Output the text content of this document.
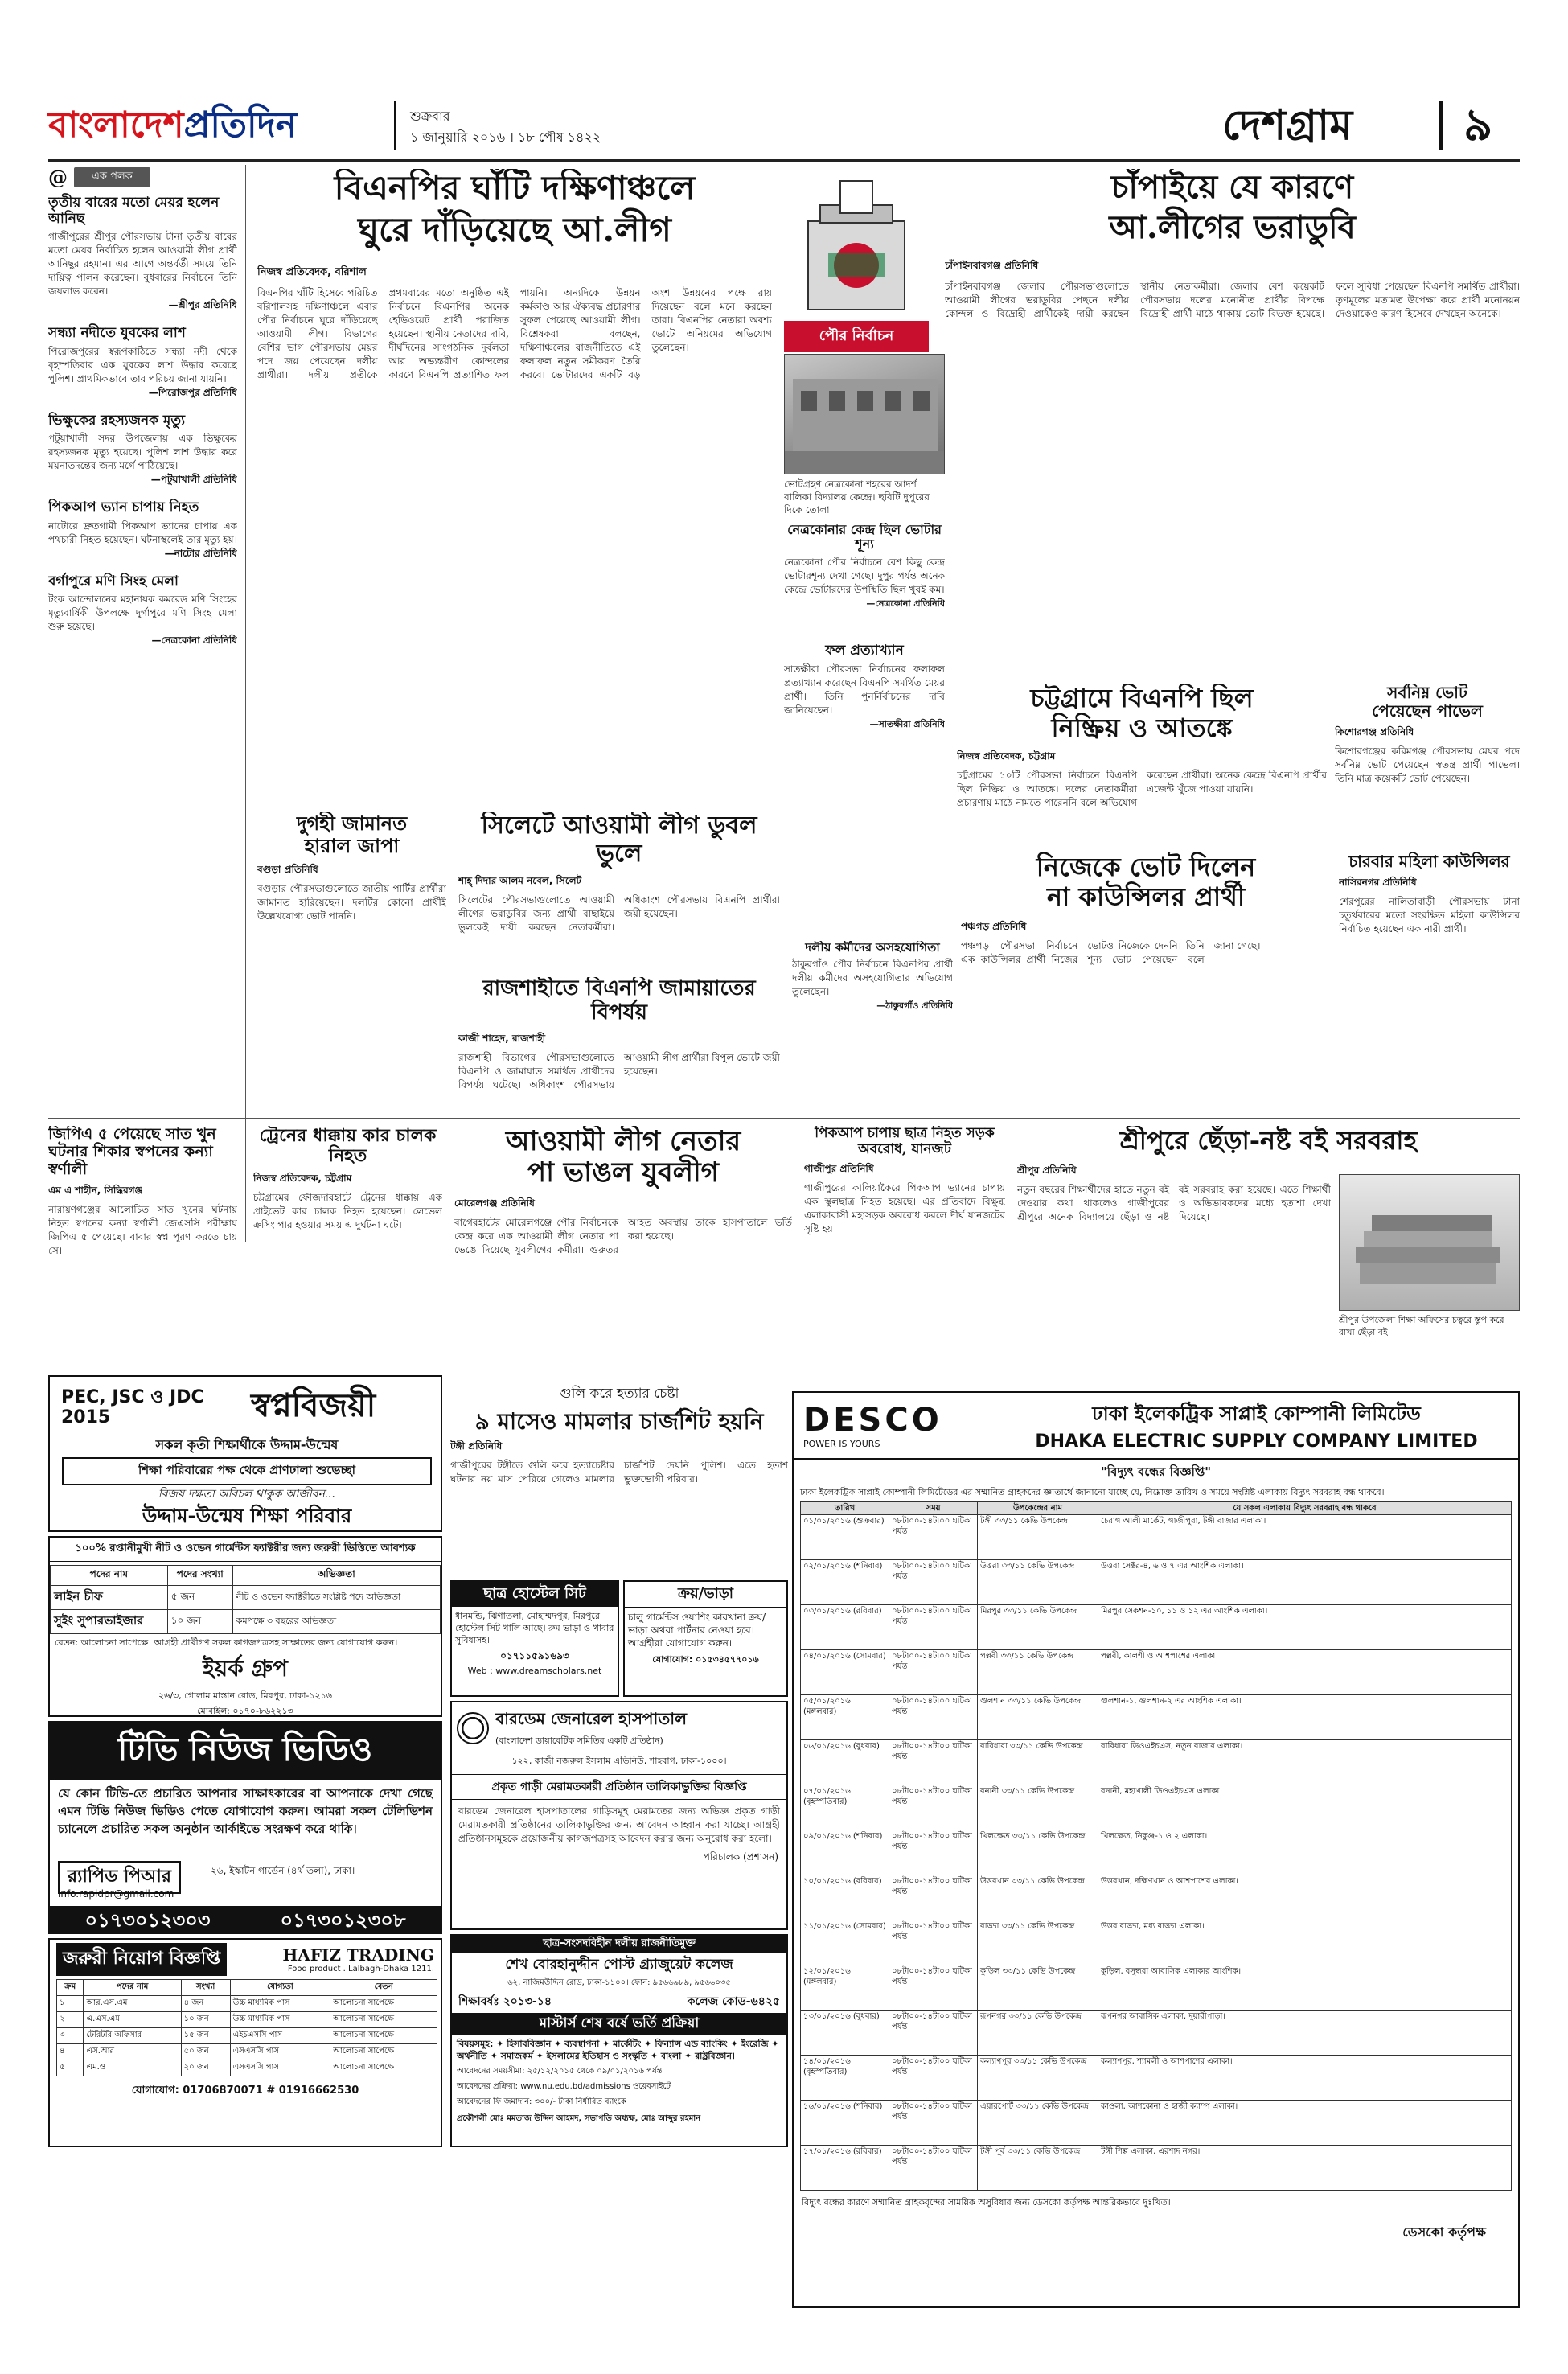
বাংলাদেশপ্রতিদিন	শুক্রবার
১ জানুয়ারি ২০১৬ । ১৮ পৌষ ১৪২২	দেশগ্রাম ৯
@	এক পলক
তৃতীয় বারের মতো মেয়র হলেন আনিছ
গাজীপুরের শ্রীপুর পৌরসভায় টানা তৃতীয় বারের মতো মেয়র নির্বাচিত হলেন আওয়ামী লীগ প্রার্থী আনিছুর রহমান। এর আগে অন্তর্বর্তী সময়ে তিনি দায়িত্ব পালন করেছেন। বুধবারের নির্বাচনে তিনি জয়লাভ করেন।
—শ্রীপুর প্রতিনিধি
সন্ধ্যা নদীতে যুবকের লাশ
পিরোজপুরের স্বরূপকাঠিতে সন্ধ্যা নদী থেকে বৃহস্পতিবার এক যুবকের লাশ উদ্ধার করেছে পুলিশ। প্রাথমিকভাবে তার পরিচয় জানা যায়নি।
—পিরোজপুর প্রতিনিধি
ভিক্ষুকের রহস্যজনক মৃত্যু
পটুয়াখালী সদর উপজেলায় এক ভিক্ষুকের রহস্যজনক মৃত্যু হয়েছে। পুলিশ লাশ উদ্ধার করে ময়নাতদন্তের জন্য মর্গে পাঠিয়েছে।
—পটুয়াখালী প্রতিনিধি
পিকআপ ভ্যান চাপায় নিহত
নাটোরে দ্রুতগামী পিকআপ ভ্যানের চাপায় এক পথচারী নিহত হয়েছেন। ঘটনাস্থলেই তার মৃত্যু হয়।
—নাটোর প্রতিনিধি
বর্গাপুরে মণি সিংহ মেলা
টংক আন্দোলনের মহানায়ক কমরেড মণি সিংহের মৃত্যুবার্ষিকী উপলক্ষে দুর্গাপুরে মণি সিংহ মেলা শুরু হয়েছে।
—নেত্রকোনা প্রতিনিধি
বিএনপির ঘাঁটি দক্ষিণাঞ্চলে
ঘুরে দাঁড়িয়েছে আ.লীগ
নিজস্ব প্রতিবেদক, বরিশাল
বিএনপির ঘাঁটি হিসেবে পরিচিত বরিশালসহ দক্ষিণাঞ্চলে এবার পৌর নির্বাচনে ঘুরে দাঁড়িয়েছে আওয়ামী লীগ। বিভাগের বেশির ভাগ পৌরসভায় মেয়র পদে জয় পেয়েছেন দলীয় প্রার্থীরা। দলীয় প্রতীকে প্রথমবারের মতো অনুষ্ঠিত এই নির্বাচনে বিএনপির অনেক হেভিওয়েট প্রার্থী পরাজিত হয়েছেন। স্থানীয় নেতাদের দাবি, দীর্ঘদিনের সাংগঠনিক দুর্বলতা আর অভ্যন্তরীণ কোন্দলের কারণে বিএনপি প্রত্যাশিত ফল পায়নি। অন্যদিকে উন্নয়ন কর্মকাণ্ড আর ঐক্যবদ্ধ প্রচারণার সুফল পেয়েছে আওয়ামী লীগ। বিশ্লেষকরা বলছেন, দক্ষিণাঞ্চলের রাজনীতিতে এই ফলাফল নতুন সমীকরণ তৈরি করবে। ভোটারদের একটি বড় অংশ উন্নয়নের পক্ষে রায় দিয়েছেন বলে মনে করছেন তারা। বিএনপির নেতারা অবশ্য ভোটে অনিয়মের অভিযোগ তুলেছেন।
পৌর নির্বাচন
চাঁপাইয়ে যে কারণে
আ.লীগের ভরাডুবি
চাঁপাইনবাবগঞ্জ প্রতিনিধি
চাঁপাইনবাবগঞ্জ জেলার পৌরসভাগুলোতে আওয়ামী লীগের ভরাডুবির পেছনে দলীয় কোন্দল ও বিদ্রোহী প্রার্থীকেই দায়ী করছেন স্থানীয় নেতাকর্মীরা। জেলার বেশ কয়েকটি পৌরসভায় দলের মনোনীত প্রার্থীর বিপক্ষে বিদ্রোহী প্রার্থী মাঠে থাকায় ভোট বিভক্ত হয়েছে। ফলে সুবিধা পেয়েছেন বিএনপি সমর্থিত প্রার্থীরা। তৃণমূলের মতামত উপেক্ষা করে প্রার্থী মনোনয়ন দেওয়াকেও কারণ হিসেবে দেখছেন অনেকে।
ভোটগ্রহণ নেত্রকোনা শহরের আদর্শ বালিকা বিদ্যালয় কেন্দ্রে। ছবিটি দুপুরের দিকে তোলা
নেত্রকোনার কেন্দ্র ছিল ভোটার শূন্য
নেত্রকোনা পৌর নির্বাচনে বেশ কিছু কেন্দ্র ভোটারশূন্য দেখা গেছে। দুপুর পর্যন্ত অনেক কেন্দ্রে ভোটারদের উপস্থিতি ছিল খুবই কম।
—নেত্রকোনা প্রতিনিধি
ফল প্রত্যাখ্যান
সাতক্ষীরা পৌরসভা নির্বাচনের ফলাফল প্রত্যাখ্যান করেছেন বিএনপি সমর্থিত মেয়র প্রার্থী। তিনি পুনর্নির্বাচনের দাবি জানিয়েছেন।
—সাতক্ষীরা প্রতিনিধি
চট্টগ্রামে বিএনপি ছিল
নিষ্ক্রিয় ও আতঙ্কে
নিজস্ব প্রতিবেদক, চট্টগ্রাম
চট্টগ্রামের ১০টি পৌরসভা নির্বাচনে বিএনপি ছিল নিষ্ক্রিয় ও আতঙ্কে। দলের নেতাকর্মীরা প্রচারণায় মাঠে নামতে পারেননি বলে অভিযোগ করেছেন প্রার্থীরা। অনেক কেন্দ্রে বিএনপি প্রার্থীর এজেন্ট খুঁজে পাওয়া যায়নি।
সর্বনিম্ন ভোট
পেয়েছেন পাভেল
কিশোরগঞ্জ প্রতিনিধি
কিশোরগঞ্জের করিমগঞ্জ পৌরসভায় মেয়র পদে সর্বনিম্ন ভোট পেয়েছেন স্বতন্ত্র প্রার্থী পাভেল। তিনি মাত্র কয়েকটি ভোট পেয়েছেন।
দুগহী জামানত
হারাল জাপা
বগুড়া প্রতিনিধি
বগুড়ার পৌরসভাগুলোতে জাতীয় পার্টির প্রার্থীরা জামানত হারিয়েছেন। দলটির কোনো প্রার্থীই উল্লেখযোগ্য ভোট পাননি।
সিলেটে আওয়ামী লীগ ডুবল ভুলে
শাহ্‌ দিদার আলম নবেল, সিলেট
সিলেটের পৌরসভাগুলোতে আওয়ামী লীগের ভরাডুবির জন্য প্রার্থী বাছাইয়ে ভুলকেই দায়ী করছেন নেতাকর্মীরা। অধিকাংশ পৌরসভায় বিএনপি প্রার্থীরা জয়ী হয়েছেন।
রাজশাহীতে বিএনপি জামায়াতের বিপর্যয়
কাজী শাহেদ, রাজশাহী
রাজশাহী বিভাগের পৌরসভাগুলোতে বিএনপি ও জামায়াত সমর্থিত প্রার্থীদের বিপর্যয় ঘটেছে। অধিকাংশ পৌরসভায় আওয়ামী লীগ প্রার্থীরা বিপুল ভোটে জয়ী হয়েছেন।
দলীয় কর্মীদের অসহযোগিতা
ঠাকুরগাঁও পৌর নির্বাচনে বিএনপির প্রার্থী দলীয় কর্মীদের অসহযোগিতার অভিযোগ তুলেছেন।
—ঠাকুরগাঁও প্রতিনিধি
নিজেকে ভোট দিলেন
না কাউন্সিলর প্রার্থী
পঞ্চগড় প্রতিনিধি
পঞ্চগড় পৌরসভা নির্বাচনে এক কাউন্সিলর প্রার্থী নিজের ভোটও নিজেকে দেননি। তিনি শূন্য ভোট পেয়েছেন বলে জানা গেছে।
চারবার মহিলা কাউন্সিলর
নাসিরনগর প্রতিনিধি
শেরপুরের নালিতাবাড়ী পৌরসভায় টানা চতুর্থবারের মতো সংরক্ষিত মহিলা কাউন্সিলর নির্বাচিত হয়েছেন এক নারী প্রার্থী।
জিপিএ ৫ পেয়েছে সাত খুন ঘটনার শিকার স্বপনের কন্যা স্বর্ণালী
এম এ শাহীন, সিদ্ধিরগঞ্জ
নারায়ণগঞ্জের আলোচিত সাত খুনের ঘটনায় নিহত স্বপনের কন্যা স্বর্ণালী জেএসসি পরীক্ষায় জিপিএ ৫ পেয়েছে। বাবার স্বপ্ন পূরণ করতে চায় সে।
ট্রেনের ধাক্কায় কার চালক নিহত
নিজস্ব প্রতিবেদক, চট্টগ্রাম
চট্টগ্রামের ফৌজদারহাটে ট্রেনের ধাক্কায় এক প্রাইভেট কার চালক নিহত হয়েছেন। লেভেল ক্রসিং পার হওয়ার সময় এ দুর্ঘটনা ঘটে।
আওয়ামী লীগ নেতার
পা ভাঙল যুবলীগ
মোরেলগঞ্জ প্রতিনিধি
বাগেরহাটের মোরেলগঞ্জে পৌর নির্বাচনকে কেন্দ্র করে এক আওয়ামী লীগ নেতার পা ভেঙে দিয়েছে যুবলীগের কর্মীরা। গুরুতর আহত অবস্থায় তাকে হাসপাতালে ভর্তি করা হয়েছে।
পিকআপ চাপায় ছাত্র নিহত সড়ক অবরোধ, যানজট
গাজীপুর প্রতিনিধি
গাজীপুরের কালিয়াকৈরে পিকআপ ভ্যানের চাপায় এক স্কুলছাত্র নিহত হয়েছে। এর প্রতিবাদে বিক্ষুব্ধ এলাকাবাসী মহাসড়ক অবরোধ করলে দীর্ঘ যানজটের সৃষ্টি হয়।
শ্রীপুরে ছেঁড়া-নষ্ট বই সরবরাহ
শ্রীপুর প্রতিনিধি
নতুন বছরের শিক্ষার্থীদের হাতে নতুন বই দেওয়ার কথা থাকলেও গাজীপুরের শ্রীপুরে অনেক বিদ্যালয়ে ছেঁড়া ও নষ্ট বই সরবরাহ করা হয়েছে। এতে শিক্ষার্থী ও অভিভাবকদের মধ্যে হতাশা দেখা দিয়েছে।
শ্রীপুর উপজেলা শিক্ষা অফিসের চত্বরে স্তূপ করে রাখা ছেঁড়া বই
PEC, JSC ও JDC
2015	স্বপ্নবিজয়ী
সকল কৃতী শিক্ষার্থীকে উদ্দাম-উন্মেষ
শিক্ষা পরিবারের পক্ষ থেকে প্রাণঢালা শুভেচ্ছা
বিজয় দক্ষতা অবিচল থাকুক আজীবন...
উদ্দাম-উন্মেষ শিক্ষা পরিবার
১০০% রপ্তানীমুখী নীট ও ওভেন গার্মেন্টস ফ্যাক্টরীর জন্য জরুরী ভিত্তিতে আবশ্যক
পদের নাম	পদের সংখ্যা	অভিজ্ঞতা
লাইন চীফ	৫ জন	নীট ও ওভেন ফ্যাক্টরীতে সংশ্লিষ্ট পদে অভিজ্ঞতা
সুইং সুপারভাইজার	১০ জন	কমপক্ষে ৩ বছরের অভিজ্ঞতা
বেতন: আলোচনা সাপেক্ষে। আগ্রহী প্রার্থীগণ সকল কাগজপত্রসহ সাক্ষাতের জন্য যোগাযোগ করুন।
ইয়র্ক গ্রুপ
২৬/৩, গোলাম মাস্তান রোড, মিরপুর, ঢাকা-১২১৬
মোবাইল: ০১৭০-৮৬২২১৩
টিভি নিউজ ভিডিও
যে কোন টিভি-তে প্রচারিত আপনার সাক্ষাৎকারের বা আপনাকে দেখা গেছে এমন টিভি নিউজ ভিডিও পেতে যোগাযোগ করুন। আমরা সকল টেলিভিশন চ্যানেলে প্রচারিত সকল অনুষ্ঠান আর্কাইভে সংরক্ষণ করে থাকি।
র‍্যাপিড পিআর
info.rapidpr@gmail.com
২৬, ইস্কাটন গার্ডেন (৪র্থ তলা), ঢাকা।
০১৭৩০১২৩০৩	০১৭৩০১২৩০৮
জরুরী নিয়োগ বিজ্ঞপ্তি	HAFIZ TRADING
Food product . Lalbagh-Dhaka 1211.
ক্রম	পদের নাম	সংখ্যা	যোগ্যতা	বেতন
১	আর.এস.এম	৪ জন	উচ্চ মাধ্যমিক পাস	আলোচনা সাপেক্ষে
২	এ.এস.এম	১০ জন	উচ্চ মাধ্যমিক পাস	আলোচনা সাপেক্ষে
৩	টেরিটরি অফিসার	১৫ জন	এইচএসসি পাস	আলোচনা সাপেক্ষে
৪	এস.আর	৫০ জন	এসএসসি পাস	আলোচনা সাপেক্ষে
৫	এম.ও	২০ জন	এসএসসি পাস	আলোচনা সাপেক্ষে
যোগাযোগ: 01706870071 # 01916662530
গুলি করে হত্যার চেষ্টা
৯ মাসেও মামলার চার্জশিট হয়নি
টঙ্গী প্রতিনিধি
গাজীপুরের টঙ্গীতে গুলি করে হত্যাচেষ্টার ঘটনার নয় মাস পেরিয়ে গেলেও মামলার চার্জশিট দেয়নি পুলিশ। এতে হতাশ ভুক্তভোগী পরিবার।
ছাত্র হোস্টেল সিট
ধানমন্ডি, ঝিগাতলা, মোহাম্মদপুর, মিরপুরে হোস্টেল সিট খালি আছে। রুম ভাড়া ও খাবার সুবিধাসহ।
০১৭১১৫৯১৬৯৩
Web : www.dreamscholars.net
ক্রয়/ভাড়া
চালু গার্মেন্টস ওয়াশিং কারখানা ক্রয়/ভাড়া অথবা পার্টনার নেওয়া হবে। আগ্রহীরা যোগাযোগ করুন।
যোগাযোগ: ০১৫৩৪৫৭৭০১৬
বারডেম জেনারেল হাসপাতাল
(বাংলাদেশ ডায়াবেটিক সমিতির একটি প্রতিষ্ঠান)
১২২, কাজী নজরুল ইসলাম এভিনিউ, শাহবাগ, ঢাকা-১০০০।
প্রকৃত গাড়ী মেরামতকারী প্রতিষ্ঠান তালিকাভুক্তির বিজ্ঞপ্তি
বারডেম জেনারেল হাসপাতালের গাড়িসমূহ মেরামতের জন্য অভিজ্ঞ প্রকৃত গাড়ী মেরামতকারী প্রতিষ্ঠানের তালিকাভুক্তির জন্য আবেদন আহ্বান করা যাচ্ছে। আগ্রহী প্রতিষ্ঠানসমূহকে প্রয়োজনীয় কাগজপত্রসহ আবেদন করার জন্য অনুরোধ করা হলো।
পরিচালক (প্রশাসন)
ছাত্র-সংসদবিহীন দলীয় রাজনীতিমুক্ত
শেখ বোরহানুদ্দীন পোস্ট গ্র্যাজুয়েট কলেজ
৬২, নাজিমউদ্দিন রোড, ঢাকা-১১০০। ফোন: ৯৫৬৬৯৮৯, ৯৫৬৬০৩৫
শিক্ষাবর্ষঃ ২০১৩-১৪	কলেজ কোড-৬৪২৫
মাস্টার্স শেষ বর্ষে ভর্তি প্রক্রিয়া
বিষয়সমূহ: ✦ হিসাববিজ্ঞান ✦ ব্যবস্থাপনা ✦ মার্কেটিং ✦ ফিন্যান্স এন্ড ব্যাংকিং ✦ ইংরেজি ✦ অর্থনীতি ✦ সমাজকর্ম ✦ ইসলামের ইতিহাস ও সংস্কৃতি ✦ বাংলা ✦ রাষ্ট্রবিজ্ঞান।
আবেদনের সময়সীমা: ২৫/১২/২০১৫ থেকে ০৯/০১/২০১৬ পর্যন্ত
আবেদনের প্রক্রিয়া: www.nu.edu.bd/admissions ওয়েবসাইটে
আবেদনের ফি জমাদান: ৩০০/- টাকা নির্ধারিত ব্যাংকে
প্রকৌশলী মোঃ মমতাজ উদ্দিন আহমদ, সভাপতি অধ্যক্ষ, মোঃ আব্দুর রহমান
DESCO
POWER IS YOURS
ঢাকা ইলেকট্রিক সাপ্লাই কোম্পানী লিমিটেড
DHAKA ELECTRIC SUPPLY COMPANY LIMITED
"বিদ্যুৎ বন্ধের বিজ্ঞপ্তি"
ঢাকা ইলেকট্রিক সাপ্লাই কোম্পানী লিমিটেডের এর সম্মানিত গ্রাহকদের জ্ঞাতার্থে জানানো যাচ্ছে যে, নিম্নোক্ত তারিখ ও সময়ে সংশ্লিষ্ট এলাকায় বিদ্যুৎ সরবরাহ বন্ধ থাকবে।
তারিখ	সময়	উপকেন্দ্রের নাম	যে সকল এলাকায় বিদ্যুৎ সরবরাহ বন্ধ থাকবে
০১/০১/২০১৬ (শুক্রবার)	০৮টা০০-১৪টা০০ ঘটিকা পর্যন্ত	টঙ্গী ৩৩/১১ কেভি উপকেন্দ্র	চেরাগ আলী মার্কেট, গাজীপুরা, টঙ্গী বাজার এলাকা।
০২/০১/২০১৬ (শনিবার)	০৮টা০০-১৪টা০০ ঘটিকা পর্যন্ত	উত্তরা ৩৩/১১ কেভি উপকেন্দ্র	উত্তরা সেক্টর-৪, ৬ ও ৭ এর আংশিক এলাকা।
০৩/০১/২০১৬ (রবিবার)	০৮টা০০-১৪টা০০ ঘটিকা পর্যন্ত	মিরপুর ৩৩/১১ কেভি উপকেন্দ্র	মিরপুর সেকশন-১০, ১১ ও ১২ এর আংশিক এলাকা।
০৪/০১/২০১৬ (সোমবার)	০৮টা০০-১৪টা০০ ঘটিকা পর্যন্ত	পল্লবী ৩৩/১১ কেভি উপকেন্দ্র	পল্লবী, কালশী ও আশপাশের এলাকা।
০৫/০১/২০১৬ (মঙ্গলবার)	০৮টা০০-১৪টা০০ ঘটিকা পর্যন্ত	গুলশান ৩৩/১১ কেভি উপকেন্দ্র	গুলশান-১, গুলশান-২ এর আংশিক এলাকা।
০৬/০১/২০১৬ (বুধবার)	০৮টা০০-১৪টা০০ ঘটিকা পর্যন্ত	বারিধারা ৩৩/১১ কেভি উপকেন্দ্র	বারিধারা ডিওএইচএস, নতুন বাজার এলাকা।
০৭/০১/২০১৬ (বৃহস্পতিবার)	০৮টা০০-১৪টা০০ ঘটিকা পর্যন্ত	বনানী ৩৩/১১ কেভি উপকেন্দ্র	বনানী, মহাখালী ডিওএইচএস এলাকা।
০৯/০১/২০১৬ (শনিবার)	০৮টা০০-১৪টা০০ ঘটিকা পর্যন্ত	খিলক্ষেত ৩৩/১১ কেভি উপকেন্দ্র	খিলক্ষেত, নিকুঞ্জ-১ ও ২ এলাকা।
১০/০১/২০১৬ (রবিবার)	০৮টা০০-১৪টা০০ ঘটিকা পর্যন্ত	উত্তরখান ৩৩/১১ কেভি উপকেন্দ্র	উত্তরখান, দক্ষিণখান ও আশপাশের এলাকা।
১১/০১/২০১৬ (সোমবার)	০৮টা০০-১৪টা০০ ঘটিকা পর্যন্ত	বাড্ডা ৩৩/১১ কেভি উপকেন্দ্র	উত্তর বাড্ডা, মধ্য বাড্ডা এলাকা।
১২/০১/২০১৬ (মঙ্গলবার)	০৮টা০০-১৪টা০০ ঘটিকা পর্যন্ত	কুড়িল ৩৩/১১ কেভি উপকেন্দ্র	কুড়িল, বসুন্ধরা আবাসিক এলাকার আংশিক।
১৩/০১/২০১৬ (বুধবার)	০৮টা০০-১৪টা০০ ঘটিকা পর্যন্ত	রূপনগর ৩৩/১১ কেভি উপকেন্দ্র	রূপনগর আবাসিক এলাকা, দুয়ারীপাড়া।
১৪/০১/২০১৬ (বৃহস্পতিবার)	০৮টা০০-১৪টা০০ ঘটিকা পর্যন্ত	কল্যাণপুর ৩৩/১১ কেভি উপকেন্দ্র	কল্যাণপুর, শ্যামলী ও আশপাশের এলাকা।
১৬/০১/২০১৬ (শনিবার)	০৮টা০০-১৪টা০০ ঘটিকা পর্যন্ত	এয়ারপোর্ট ৩৩/১১ কেভি উপকেন্দ্র	কাওলা, আশকোনা ও হাজী ক্যাম্প এলাকা।
১৭/০১/২০১৬ (রবিবার)	০৮টা০০-১৪টা০০ ঘটিকা পর্যন্ত	টঙ্গী পূর্ব ৩৩/১১ কেভি উপকেন্দ্র	টঙ্গী শিল্প এলাকা, এরশাদ নগর।
বিদ্যুৎ বন্ধের কারণে সম্মানিত গ্রাহকবৃন্দের সাময়িক অসুবিধার জন্য ডেসকো কর্তৃপক্ষ আন্তরিকভাবে দুঃখিত।
ডেসকো কর্তৃপক্ষ
